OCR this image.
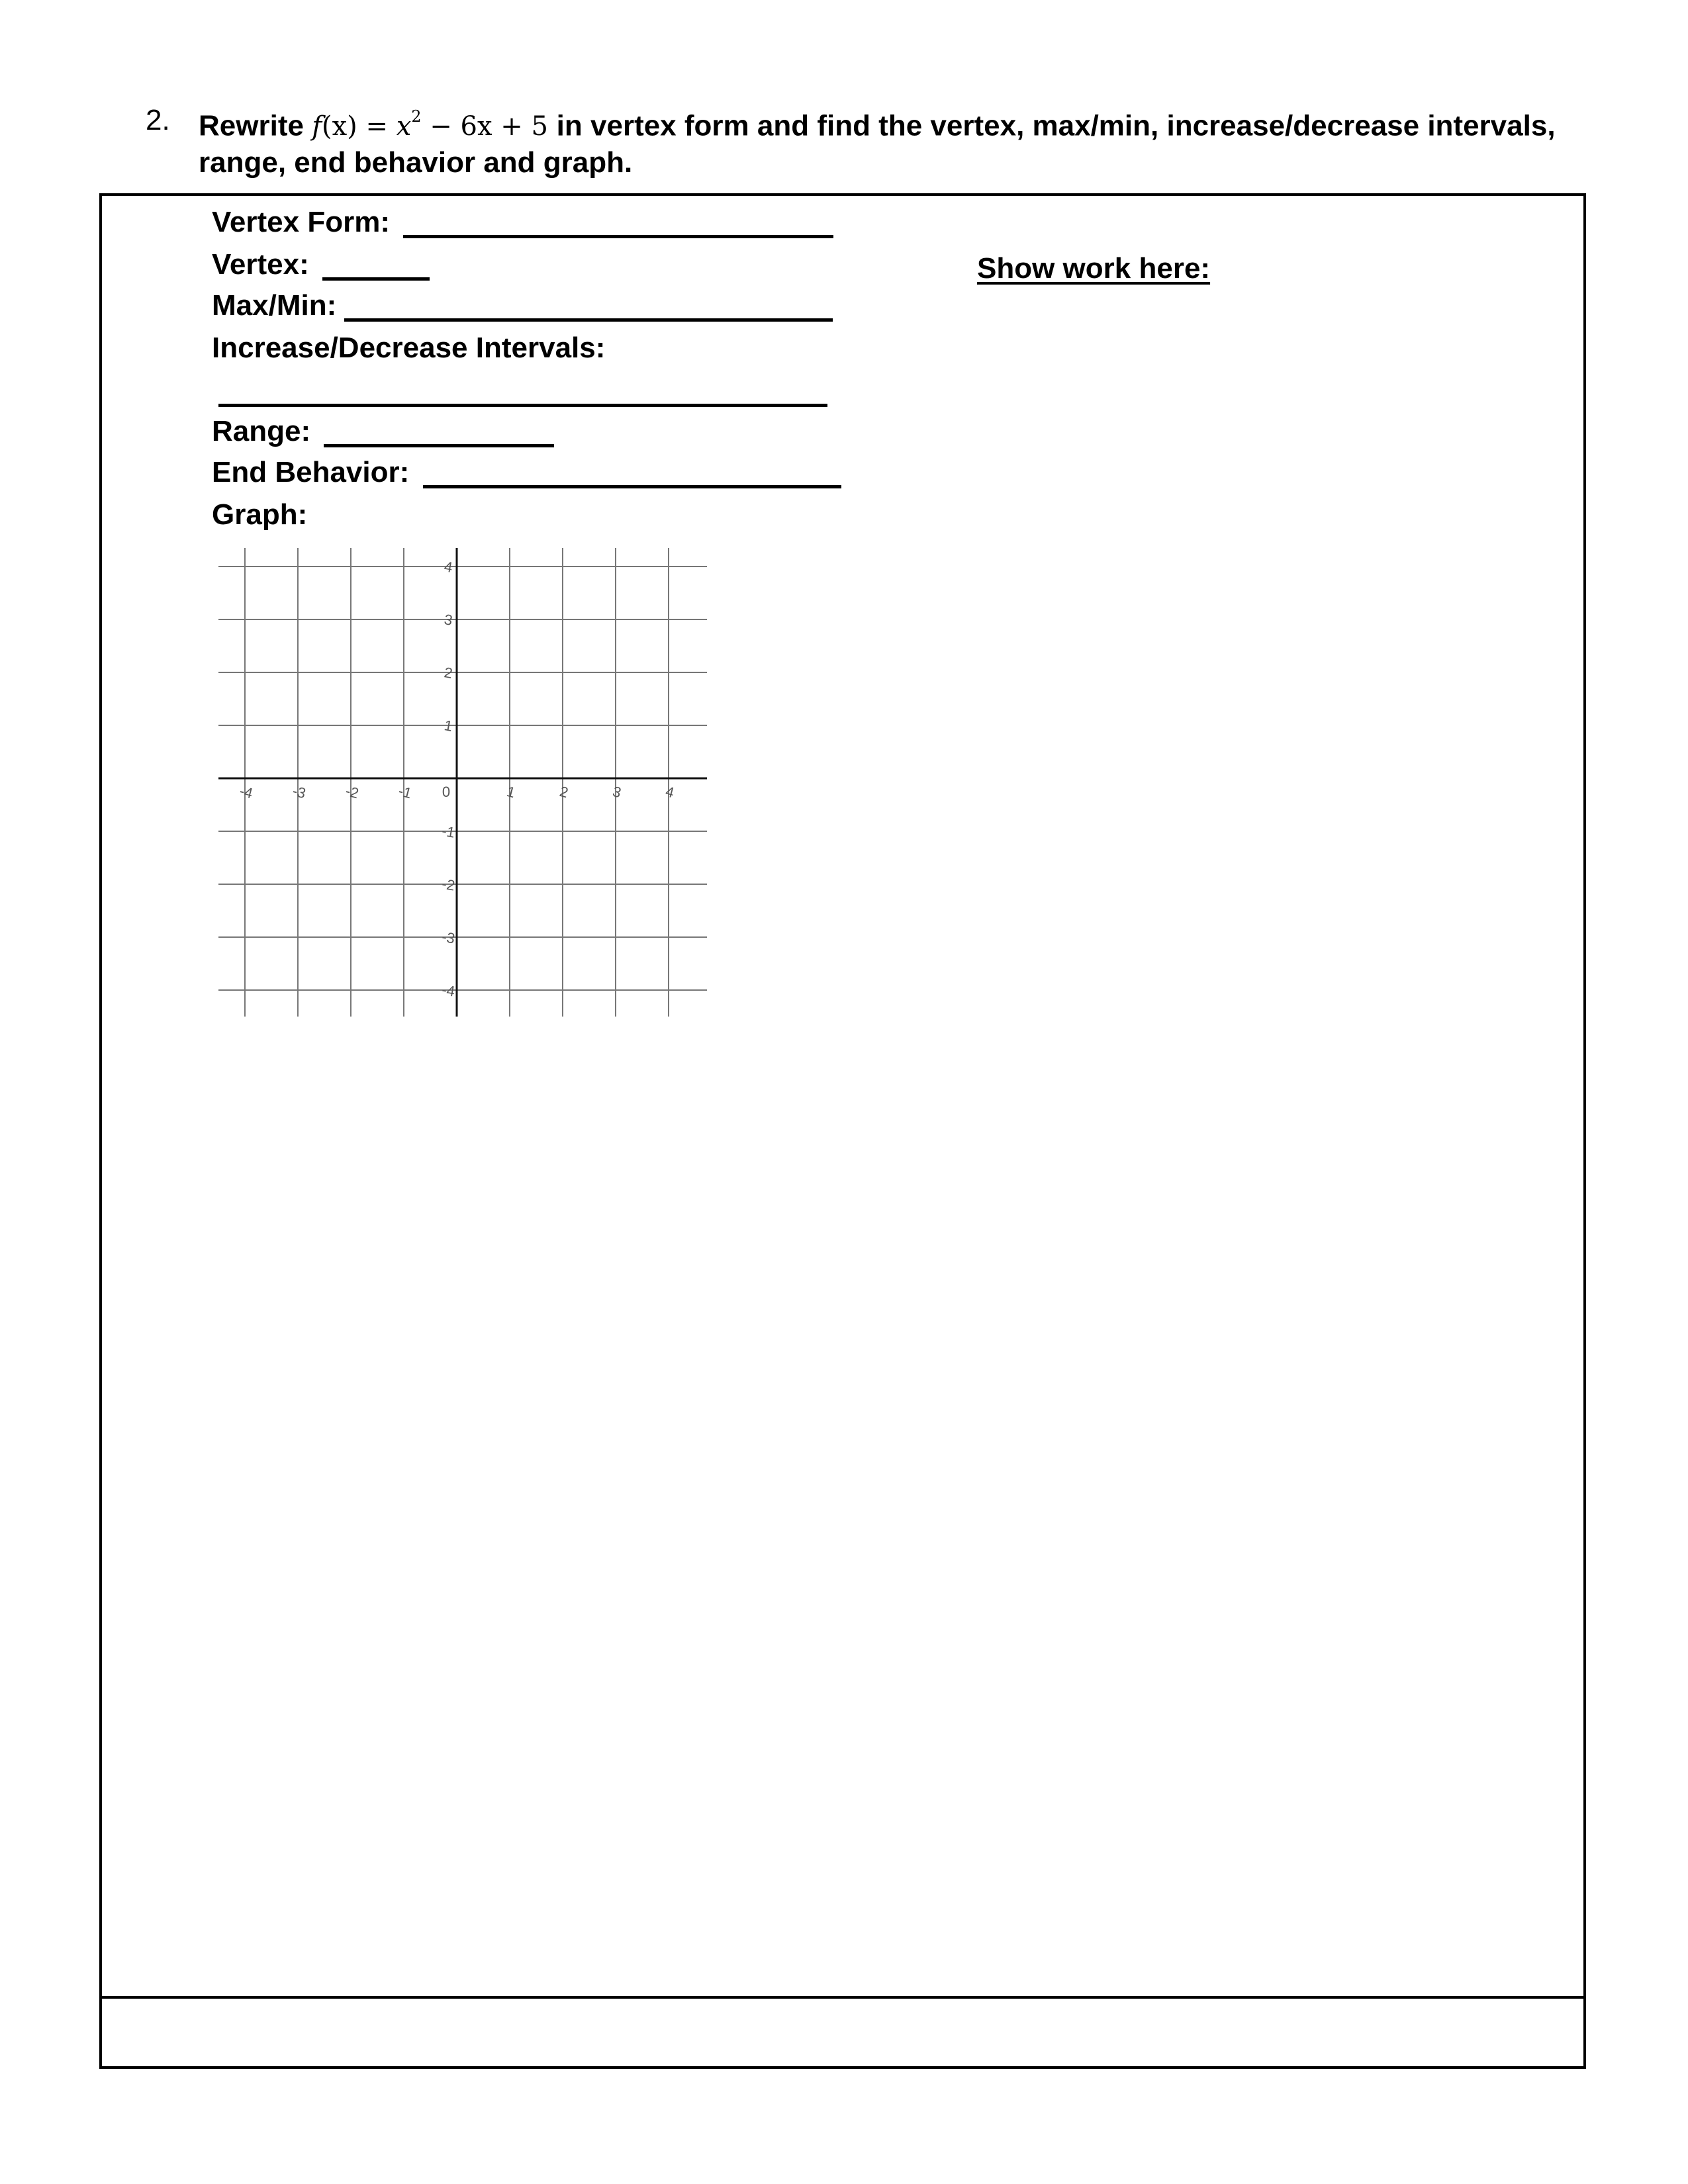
2. Rewrite $f(x) = x^2 - 6x + 5$ in vertex form and find the vertex, max/min, increase/decrease intervals,
range, end behavior and graph.
Vertex Form:
Vertex:
Max/Min:
Increase/Decrease Intervals:
Range:
End Behavior:
Graph:
Show work here:
-4 -3 -2 -1 0	1	2	3	4
4
3
2
1
-1
-2
-3
-4
